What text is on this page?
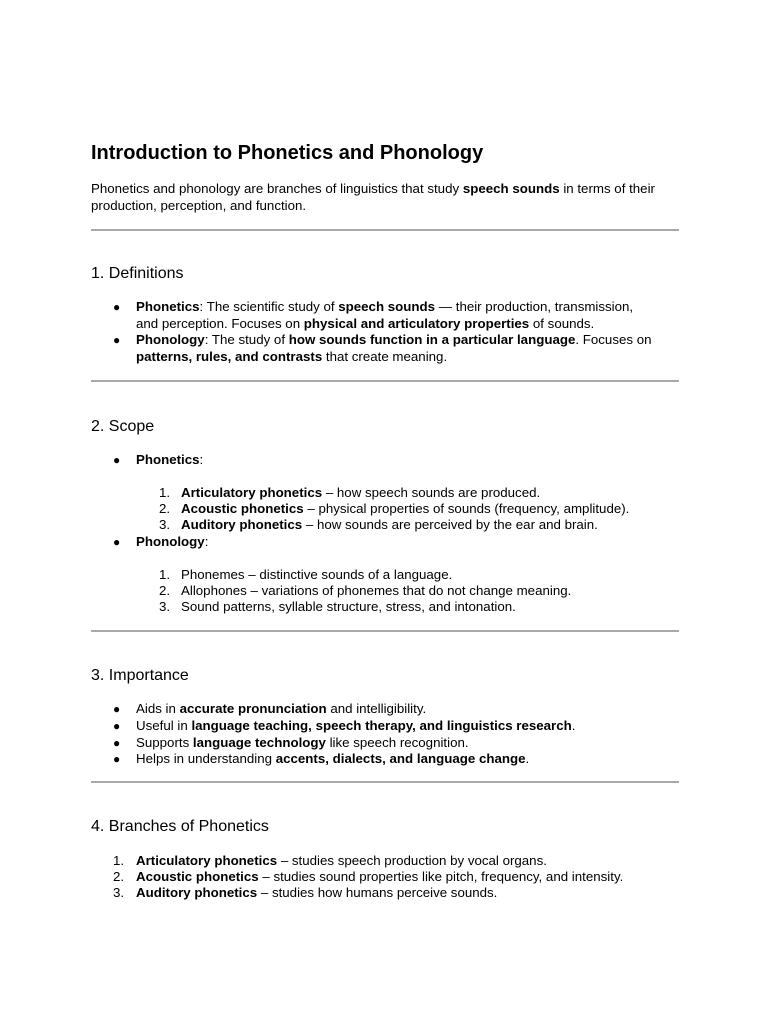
Introduction to Phonetics and Phonology

Phonetics and phonology are branches of linguistics that study speech sounds in terms of their
production, perception, and function.

1. Definitions
● Phonetics: The scientific study of speech sounds — their production, transmission,
and perception. Focuses on physical and articulatory properties of sounds.
● Phonology: The study of how sounds function in a particular language. Focuses on
patterns, rules, and contrasts that create meaning.
2. Scope
● Phonetics:
1. Articulatory phonetics – how speech sounds are produced.
2. Acoustic phonetics – physical properties of sounds (frequency, amplitude).
3. Auditory phonetics – how sounds are perceived by the ear and brain.
● Phonology:
1. Phonemes – distinctive sounds of a language.
2. Allophones – variations of phonemes that do not change meaning.
3. Sound patterns, syllable structure, stress, and intonation.
3. Importance
● Aids in accurate pronunciation and intelligibility.
● Useful in language teaching, speech therapy, and linguistics research.
● Supports language technology like speech recognition.
● Helps in understanding accents, dialects, and language change.
4. Branches of Phonetics
1. Articulatory phonetics – studies speech production by vocal organs.
2. Acoustic phonetics – studies sound properties like pitch, frequency, and intensity.
3. Auditory phonetics – studies how humans perceive sounds.
